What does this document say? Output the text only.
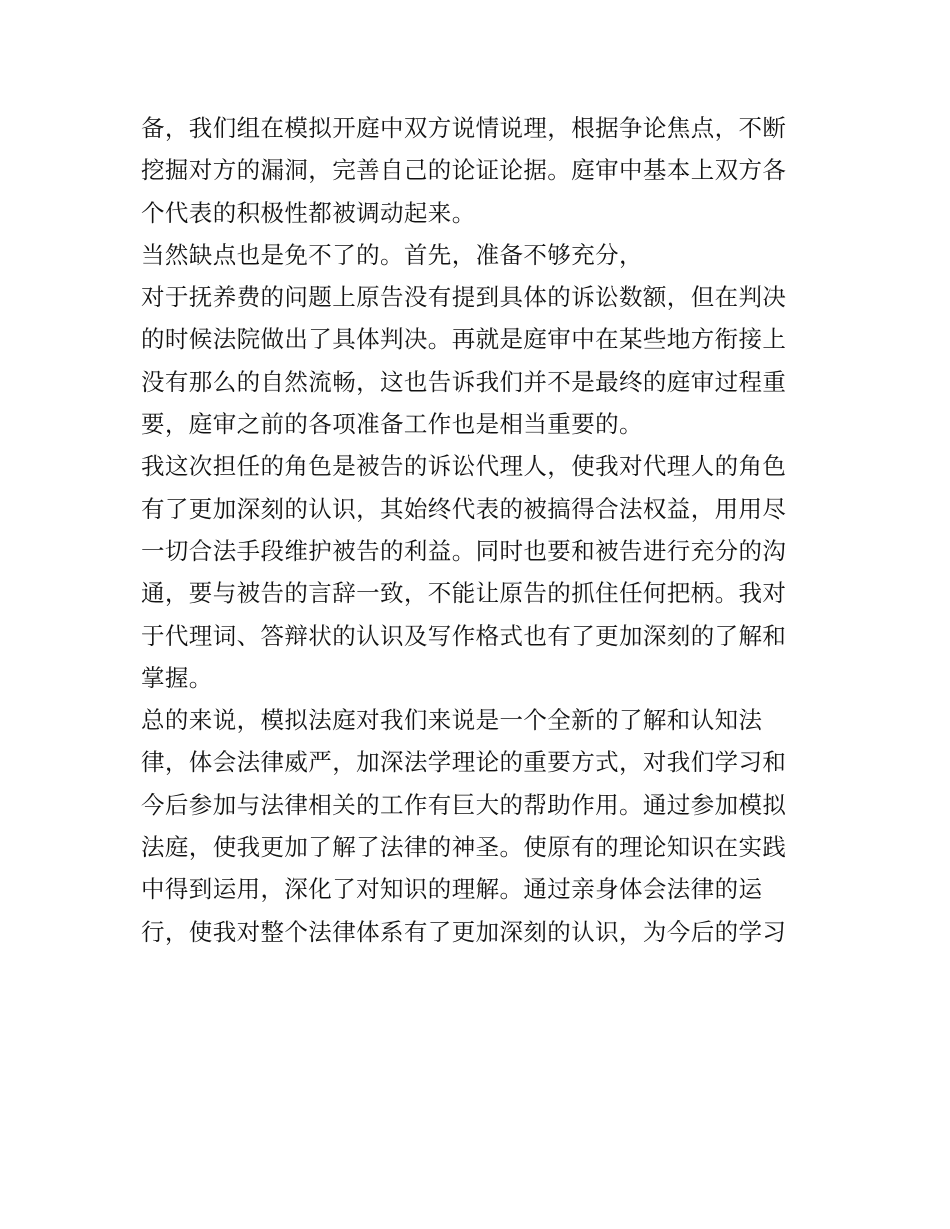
备，我们组在模拟开庭中双方说情说理，根据争论焦点，不断
挖掘对方的漏洞，完善自己的论证论据。庭审中基本上双方各
个代表的积极性都被调动起来。

当然缺点也是免不了的。首先，准备不够充分，

对于抚养费的问题上原告没有提到具体的诉讼数额，但在判决
的时候法院做出了具体判决。再就是庭审中在某些地方衔接上
没有那么的自然流畅，这也告诉我们并不是最终的庭审过程重
要，庭审之前的各项准备工作也是相当重要的。

我这次担任的角色是被告的诉讼代理人，使我对代理人的角色
有了更加深刻的认识，其始终代表的被搞得合法权益，用用尽
一切合法手段维护被告的利益。同时也要和被告进行充分的沟
通，要与被告的言辞一致，不能让原告的抓住任何把柄。我对
于代理词、答辩状的认识及写作格式也有了更加深刻的了解和
掌握。

总的来说，模拟法庭对我们来说是一个全新的了解和认知法
律，体会法律威严，加深法学理论的重要方式，对我们学习和
今后参加与法律相关的工作有巨大的帮助作用。通过参加模拟
法庭，使我更加了解了法律的神圣。使原有的理论知识在实践
中得到运用，深化了对知识的理解。通过亲身体会法律的运
行，使我对整个法律体系有了更加深刻的认识，为今后的学习
